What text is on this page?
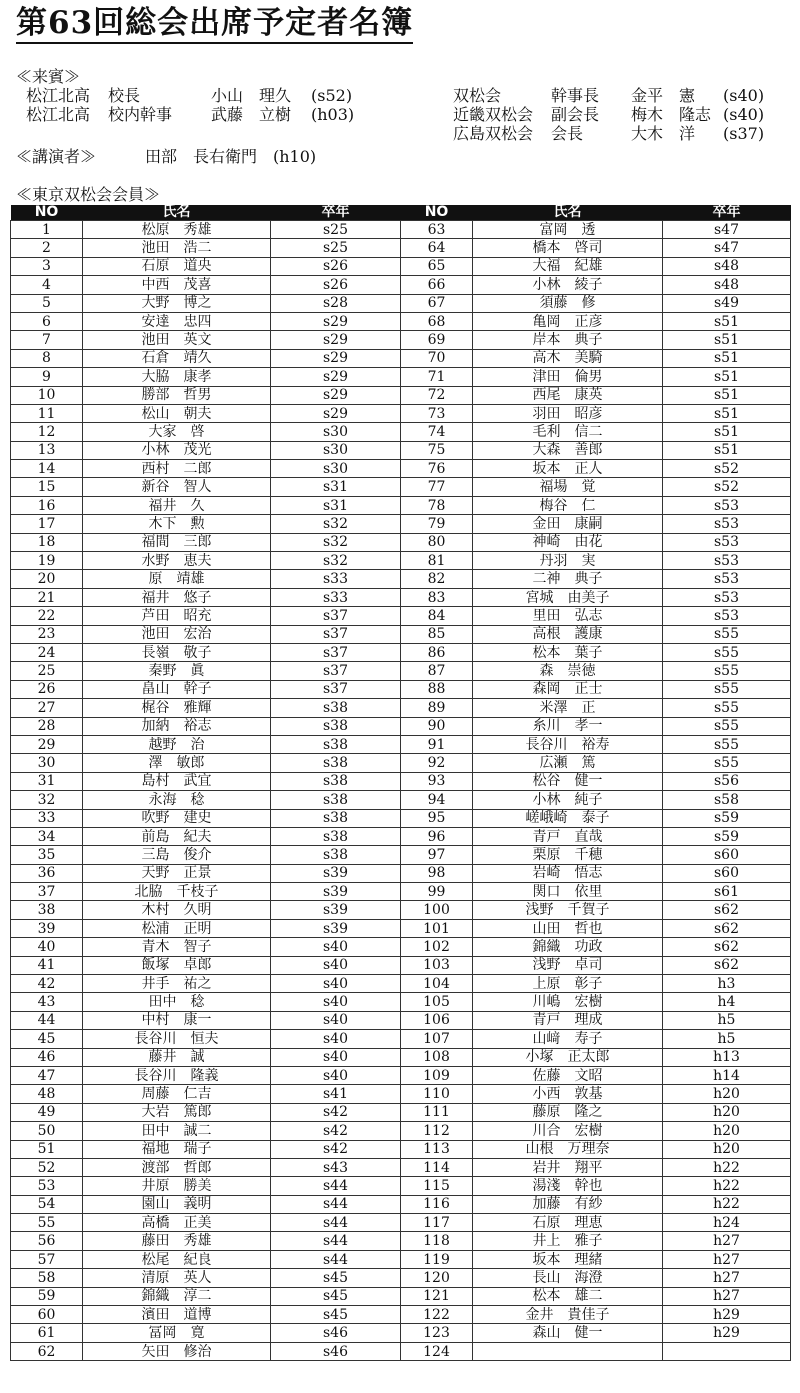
第63回総会出席予定者名簿
≪来賓≫
松江北高 校長	小山　理久 (s52)
松江北高 校内幹事 武藤　立樹 (h03)
双松会	幹事長 金平　憲 (s40)
近畿双松会 副会長 梅木　隆志 (s40)
広島双松会 会長	大木　洋 (s37)
≪講演者≫	田部　長右衛門　(h10)
≪東京双松会会員≫
NO	氏名	卒年	NO	氏名	卒年
1	松原　秀雄	s25	63	富岡　透	s47
2	池田　浩二	s25	64	橋本　啓司	s47
3	石原　道央	s26	65	大福　紀雄	s48
4	中西　茂喜	s26	66	小林　綾子	s48
5	大野　博之	s28	67	須藤　修	s49
6	安達　忠四	s29	68	亀岡　正彦	s51
7	池田　英文	s29	69	岸本　典子	s51
8	石倉　靖久	s29	70	高木　美騎	s51
9	大脇　康孝	s29	71	津田　倫男	s51
10	勝部　哲男	s29	72	西尾　康英	s51
11	松山　朝夫	s29	73	羽田　昭彦	s51
12	大家　啓	s30	74	毛利　信二	s51
13	小林　茂光	s30	75	大森　善郎	s51
14	西村　二郎	s30	76	坂本　正人	s52
15	新谷　智人	s31	77	福場　覚	s52
16	福井　久	s31	78	梅谷　仁	s53
17	木下　勲	s32	79	金田　康嗣	s53
18	福間　三郎	s32	80	神崎　由花	s53
19	水野　恵夫	s32	81	丹羽　実	s53
20	原　靖雄	s33	82	二神　典子	s53
21	福井　悠子	s33	83	宮城　由美子	s53
22	芦田　昭充	s37	84	里田　弘志	s53
23	池田　宏治	s37	85	高根　護康	s55
24	長嶺　敬子	s37	86	松本　葉子	s55
25	秦野　眞	s37	87	森　崇徳	s55
26	畠山　幹子	s37	88	森岡　正士	s55
27	梶谷　雅輝	s38	89	米澤　正	s55
28	加納　裕志	s38	90	糸川　孝一	s55
29	越野　治	s38	91	長谷川　裕寿	s55
30	澤　敏郎	s38	92	広瀬　篤	s55
31	島村　武宜	s38	93	松谷　健一	s56
32	永海　稔	s38	94	小林　純子	s58
33	吹野　建史	s38	95	嵯峨崎　泰子	s59
34	前島　紀夫	s38	96	青戸　直哉	s59
35	三島　俊介	s38	97	栗原　千穂	s60
36	天野　正景	s39	98	岩崎　悟志	s60
37	北脇　千枝子	s39	99	関口　依里	s61
38	木村　久明	s39	100	浅野　千賀子	s62
39	松浦　正明	s39	101	山田　哲也	s62
40	青木　智子	s40	102	錦織　功政	s62
41	飯塚　卓郎	s40	103	浅野　卓司	s62
42	井手　祐之	s40	104	上原　彰子	h3
43	田中　稔	s40	105	川嶋　宏樹	h4
44	中村　康一	s40	106	青戸　理成	h5
45	長谷川　恒夫	s40	107	山﨑　寿子	h5
46	藤井　誠	s40	108	小塚　正太郎	h13
47	長谷川　隆義	s40	109	佐藤　文昭	h14
48	周藤　仁吉	s41	110	小西　敦基	h20
49	大岩　篤郎	s42	111	藤原　隆之	h20
50	田中　誠二	s42	112	川合　宏樹	h20
51	福地　瑞子	s42	113	山根　万理奈	h20
52	渡部　哲郎	s43	114	岩井　翔平	h22
53	井原　勝美	s44	115	湯淺　幹也	h22
54	園山　義明	s44	116	加藤　有紗	h22
55	高橋　正美	s44	117	石原　理恵	h24
56	藤田　秀雄	s44	118	井上　雅子	h27
57	松尾　紀良	s44	119	坂本　理緒	h27
58	清原　英人	s45	120	長山　海澄	h27
59	錦織　淳二	s45	121	松本　雄二	h27
60	濱田　道博	s45	122	金井　貴佳子	h29
61	冨岡　寛	s46	123	森山　健一	h29
62	矢田　修治	s46	124		
